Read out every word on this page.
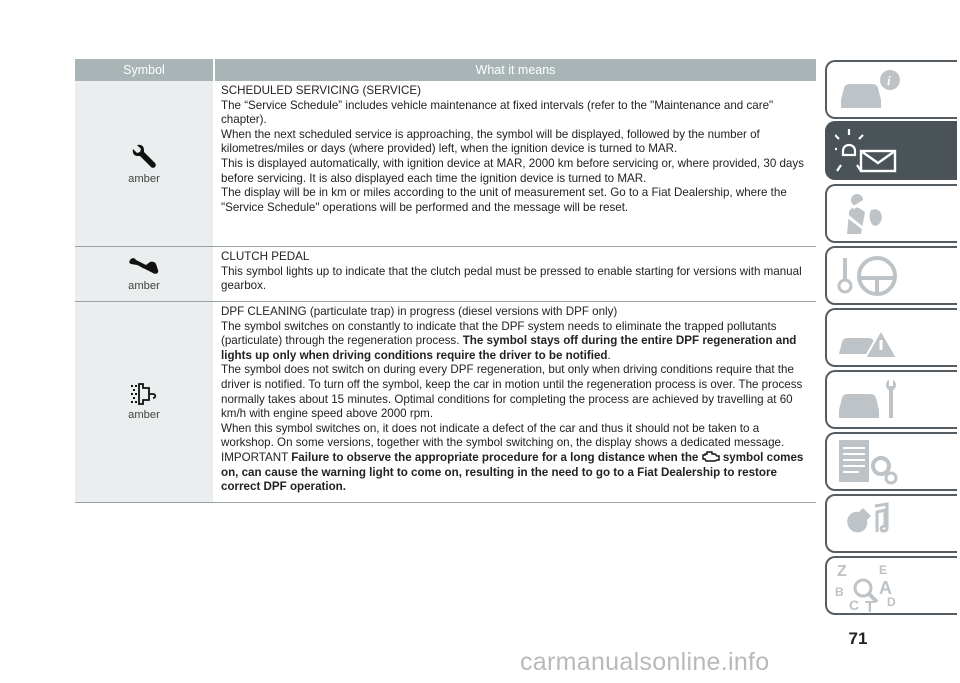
Symbol	What it means
amber

SCHEDULED SERVICING (SERVICE)

The “Service Schedule” includes vehicle maintenance at fixed intervals (refer to the "Maintenance and care" chapter).

When the next scheduled service is approaching, the symbol will be displayed, followed by the number of kilometres/miles or days (where provided) left, when the ignition device is turned to MAR.

This is displayed automatically, with ignition device at MAR, 2000 km before servicing or, where provided, 30 days before servicing. It is also displayed each time the ignition device is turned to MAR.

The display will be in km or miles according to the unit of measurement set. Go to a Fiat Dealership, where the "Service Schedule" operations will be performed and the message will be reset.

amber

CLUTCH PEDAL

This symbol lights up to indicate that the clutch pedal must be pressed to enable starting for versions with manual gearbox.

amber

DPF CLEANING (particulate trap) in progress (diesel versions with DPF only)

The symbol switches on constantly to indicate that the DPF system needs to eliminate the trapped pollutants (particulate) through the regeneration process. The symbol stays off during the entire DPF regeneration and lights up only when driving conditions require the driver to be notified.

The symbol does not switch on during every DPF regeneration, but only when driving conditions require that the driver is notified. To turn off the symbol, keep the car in motion until the regeneration process is over. The process normally takes about 15 minutes. Optimal conditions for completing the process are achieved by travelling at 60 km/h with engine speed above 2000 rpm.

When this symbol switches on, it does not indicate a defect of the car and thus it should not be taken to a workshop. On some versions, together with the symbol switching on, the display shows a dedicated message.

IMPORTANT Failure to observe the appropriate procedure for a long distance when the  symbol comes on, can cause the warning light to come on, resulting in the need to go to a Fiat Dealership to restore correct DPF operation.

i
Z	E
B A
C T D
71
carmanualsonline.info
